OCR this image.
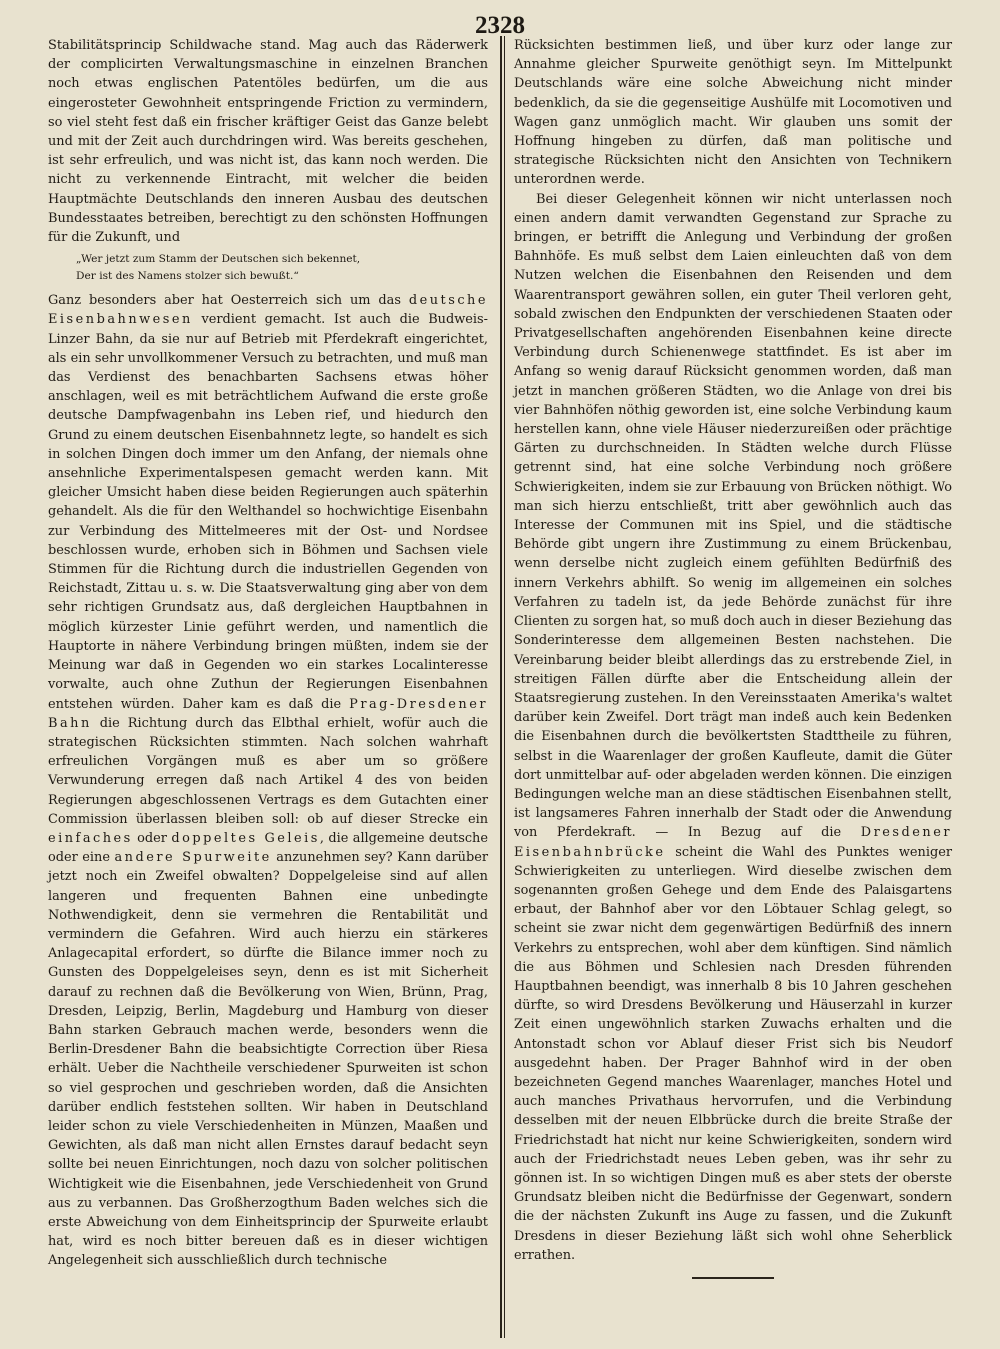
2328

Stabilitätsprincip Schildwache stand. Mag auch das Räderwerk der complicirten Verwaltungsmaschine in einzelnen Branchen noch etwas englischen Patentöles bedürfen, um die aus eingerosteter Gewohnheit entspringende Friction zu vermindern, so viel steht fest daß ein frischer kräftiger Geist das Ganze belebt und mit der Zeit auch durchdringen wird. Was bereits geschehen, ist sehr erfreulich, und was nicht ist, das kann noch werden. Die nicht zu verkennende Eintracht, mit welcher die beiden Hauptmächte Deutschlands den inneren Ausbau des deutschen Bundesstaates betreiben, berechtigt zu den schönsten Hoffnungen für die Zukunft, und

„Wer jetzt zum Stamm der Deutschen sich bekennet,
Der ist des Namens stolzer sich bewußt.“

Ganz besonders aber hat Oesterreich sich um das deutsche Eisenbahnwesen verdient gemacht. Ist auch die Budweis-Linzer Bahn, da sie nur auf Betrieb mit Pferdekraft eingerichtet, als ein sehr unvollkommener Versuch zu betrachten, und muß man das Verdienst des benachbarten Sachsens etwas höher anschlagen, weil es mit beträchtlichem Aufwand die erste große deutsche Dampfwagenbahn ins Leben rief, und hiedurch den Grund zu einem deutschen Eisenbahnnetz legte, so handelt es sich in solchen Dingen doch immer um den Anfang, der niemals ohne ansehnliche Experimentalspesen gemacht werden kann. Mit gleicher Umsicht haben diese beiden Regierungen auch späterhin gehandelt. Als die für den Welthandel so hochwichtige Eisenbahn zur Verbindung des Mittelmeeres mit der Ost- und Nordsee beschlossen wurde, erhoben sich in Böhmen und Sachsen viele Stimmen für die Richtung durch die industriellen Gegenden von Reichstadt, Zittau u. s. w. Die Staatsverwaltung ging aber von dem sehr richtigen Grundsatz aus, daß dergleichen Hauptbahnen in möglich kürzester Linie geführt werden, und namentlich die Hauptorte in nähere Verbindung bringen müßten, indem sie der Meinung war daß in Gegenden wo ein starkes Localinteresse vorwalte, auch ohne Zuthun der Regierungen Eisenbahnen entstehen würden. Daher kam es daß die Prag-Dresdener Bahn die Richtung durch das Elbthal erhielt, wofür auch die strategischen Rücksichten stimmten. Nach solchen wahrhaft erfreulichen Vorgängen muß es aber um so größere Verwunderung erregen daß nach Artikel 4 des von beiden Regierungen abgeschlossenen Vertrags es dem Gutachten einer Commission überlassen bleiben soll: ob auf dieser Strecke ein einfaches oder doppeltes Geleis, die allgemeine deutsche oder eine andere Spurweite anzunehmen sey? Kann darüber jetzt noch ein Zweifel obwalten? Doppelgeleise sind auf allen langeren und frequenten Bahnen eine unbedingte Nothwendigkeit, denn sie vermehren die Rentabilität und vermindern die Gefahren. Wird auch hierzu ein stärkeres Anlagecapital erfordert, so dürfte die Bilance immer noch zu Gunsten des Doppelgeleises seyn, denn es ist mit Sicherheit darauf zu rechnen daß die Bevölkerung von Wien, Brünn, Prag, Dresden, Leipzig, Berlin, Magdeburg und Hamburg von dieser Bahn starken Gebrauch machen werde, besonders wenn die Berlin-Dresdener Bahn die beabsichtigte Correction über Riesa erhält. Ueber die Nachtheile verschiedener Spurweiten ist schon so viel gesprochen und geschrieben worden, daß die Ansichten darüber endlich feststehen sollten. Wir haben in Deutschland leider schon zu viele Verschiedenheiten in Münzen, Maaßen und Gewichten, als daß man nicht allen Ernstes darauf bedacht seyn sollte bei neuen Einrichtungen, noch dazu von solcher politischen Wichtigkeit wie die Eisenbahnen, jede Verschiedenheit von Grund aus zu verbannen. Das Großherzogthum Baden welches sich die erste Abweichung von dem Einheitsprincip der Spurweite erlaubt hat, wird es noch bitter bereuen daß es in dieser wichtigen Angelegenheit sich ausschließlich durch technische

Rücksichten bestimmen ließ, und über kurz oder lange zur Annahme gleicher Spurweite genöthigt seyn. Im Mittelpunkt Deutschlands wäre eine solche Abweichung nicht minder bedenklich, da sie die gegenseitige Aushülfe mit Locomotiven und Wagen ganz unmöglich macht. Wir glauben uns somit der Hoffnung hingeben zu dürfen, daß man politische und strategische Rücksichten nicht den Ansichten von Technikern unterordnen werde.

Bei dieser Gelegenheit können wir nicht unterlassen noch einen andern damit verwandten Gegenstand zur Sprache zu bringen, er betrifft die Anlegung und Verbindung der großen Bahnhöfe. Es muß selbst dem Laien einleuchten daß von dem Nutzen welchen die Eisenbahnen den Reisenden und dem Waarentransport gewähren sollen, ein guter Theil verloren geht, sobald zwischen den Endpunkten der verschiedenen Staaten oder Privatgesellschaften angehörenden Eisenbahnen keine directe Verbindung durch Schienenwege stattfindet. Es ist aber im Anfang so wenig darauf Rücksicht genommen worden, daß man jetzt in manchen größeren Städten, wo die Anlage von drei bis vier Bahnhöfen nöthig geworden ist, eine solche Verbindung kaum herstellen kann, ohne viele Häuser niederzureißen oder prächtige Gärten zu durchschneiden. In Städten welche durch Flüsse getrennt sind, hat eine solche Verbindung noch größere Schwierigkeiten, indem sie zur Erbauung von Brücken nöthigt. Wo man sich hierzu entschließt, tritt aber gewöhnlich auch das Interesse der Communen mit ins Spiel, und die städtische Behörde gibt ungern ihre Zustimmung zu einem Brückenbau, wenn derselbe nicht zugleich einem gefühlten Bedürfniß des innern Verkehrs abhilft. So wenig im allgemeinen ein solches Verfahren zu tadeln ist, da jede Behörde zunächst für ihre Clienten zu sorgen hat, so muß doch auch in dieser Beziehung das Sonderinteresse dem allgemeinen Besten nachstehen. Die Vereinbarung beider bleibt allerdings das zu erstrebende Ziel, in streitigen Fällen dürfte aber die Entscheidung allein der Staatsregierung zustehen. In den Vereinsstaaten Amerika's waltet darüber kein Zweifel. Dort trägt man indeß auch kein Bedenken die Eisenbahnen durch die bevölkertsten Stadttheile zu führen, selbst in die Waarenlager der großen Kaufleute, damit die Güter dort unmittelbar auf- oder abgeladen werden können. Die einzigen Bedingungen welche man an diese städtischen Eisenbahnen stellt, ist langsameres Fahren innerhalb der Stadt oder die Anwendung von Pferdekraft. — In Bezug auf die Dresdener Eisenbahnbrücke scheint die Wahl des Punktes weniger Schwierigkeiten zu unterliegen. Wird dieselbe zwischen dem sogenannten großen Gehege und dem Ende des Palaisgartens erbaut, der Bahnhof aber vor den Löbtauer Schlag gelegt, so scheint sie zwar nicht dem gegenwärtigen Bedürfniß des innern Verkehrs zu entsprechen, wohl aber dem künftigen. Sind nämlich die aus Böhmen und Schlesien nach Dresden führenden Hauptbahnen beendigt, was innerhalb 8 bis 10 Jahren geschehen dürfte, so wird Dresdens Bevölkerung und Häuserzahl in kurzer Zeit einen ungewöhnlich starken Zuwachs erhalten und die Antonstadt schon vor Ablauf dieser Frist sich bis Neudorf ausgedehnt haben. Der Prager Bahnhof wird in der oben bezeichneten Gegend manches Waarenlager, manches Hotel und auch manches Privathaus hervorrufen, und die Verbindung desselben mit der neuen Elbbrücke durch die breite Straße der Friedrichstadt hat nicht nur keine Schwierigkeiten, sondern wird auch der Friedrichstadt neues Leben geben, was ihr sehr zu gönnen ist. In so wichtigen Dingen muß es aber stets der oberste Grundsatz bleiben nicht die Bedürfnisse der Gegenwart, sondern die der nächsten Zukunft ins Auge zu fassen, und die Zukunft Dresdens in dieser Beziehung läßt sich wohl ohne Seherblick errathen.
